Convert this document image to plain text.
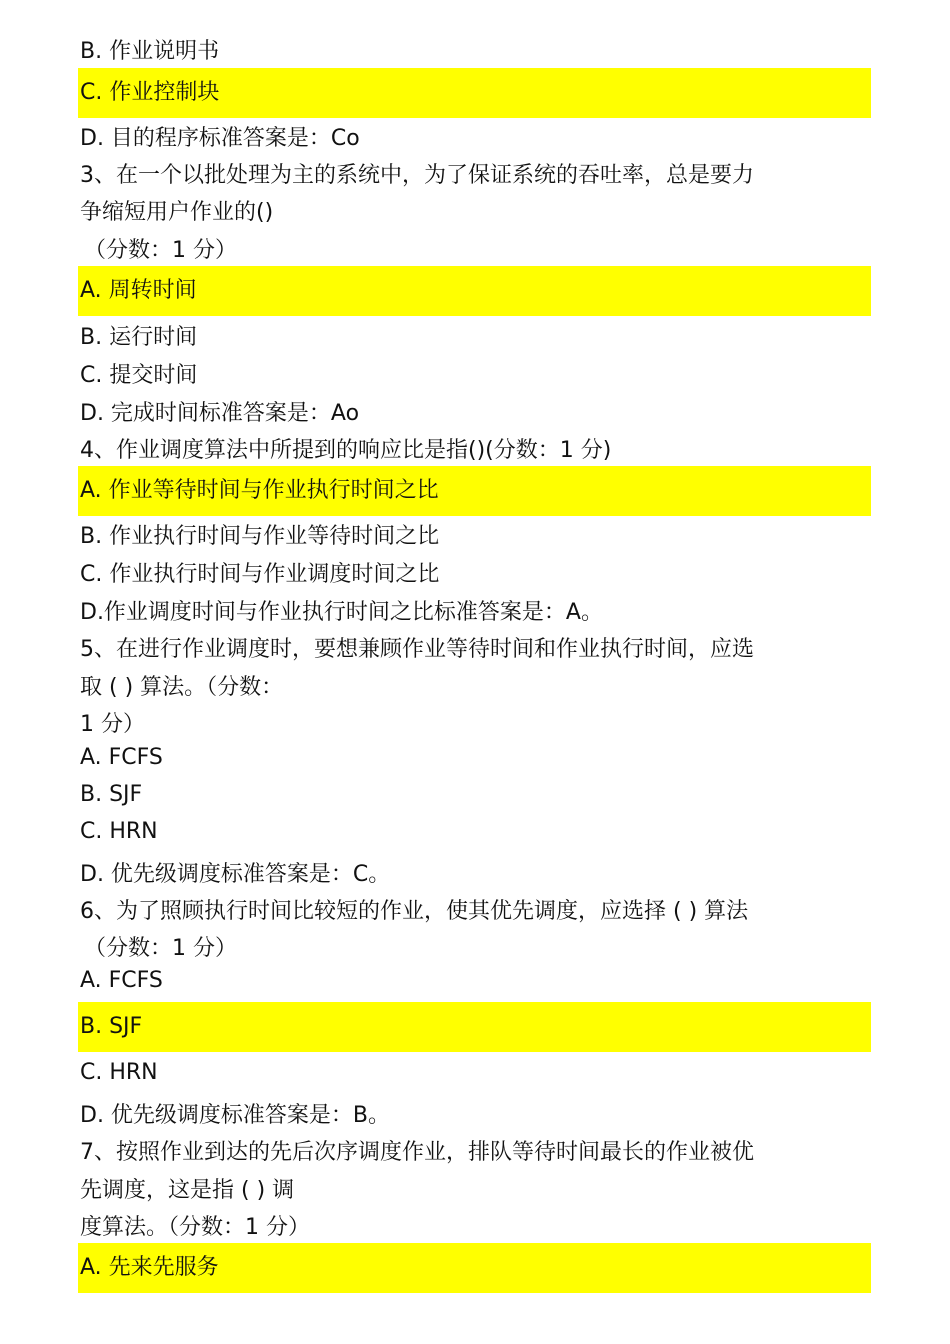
B. 作业说明书
C. 作业控制块
D. 目的程序标准答案是：Co
3、在一个以批处理为主的系统中，为了保证系统的吞吐率，总是要力
争缩短用户作业的()
（分数：1 分）
A. 周转时间
B. 运行时间
C. 提交时间
D. 完成时间标准答案是：Ao
4、作业调度算法中所提到的响应比是指()(分数：1 分)
A. 作业等待时间与作业执行时间之比
B. 作业执行时间与作业等待时间之比
C. 作业执行时间与作业调度时间之比
D.作业调度时间与作业执行时间之比标准答案是：A。
5、在进行作业调度时，要想兼顾作业等待时间和作业执行时间，应选
取 ( ) 算法。（分数：
1 分）
A. FCFS
B. SJF
C. HRN
D. 优先级调度标准答案是：C。
6、为了照顾执行时间比较短的作业，使其优先调度，应选择 ( ) 算法
（分数：1 分）
A. FCFS
B. SJF
C. HRN
D. 优先级调度标准答案是：B。
7、按照作业到达的先后次序调度作业，排队等待时间最长的作业被优
先调度，这是指 ( ) 调
度算法。（分数：1 分）
A. 先来先服务
